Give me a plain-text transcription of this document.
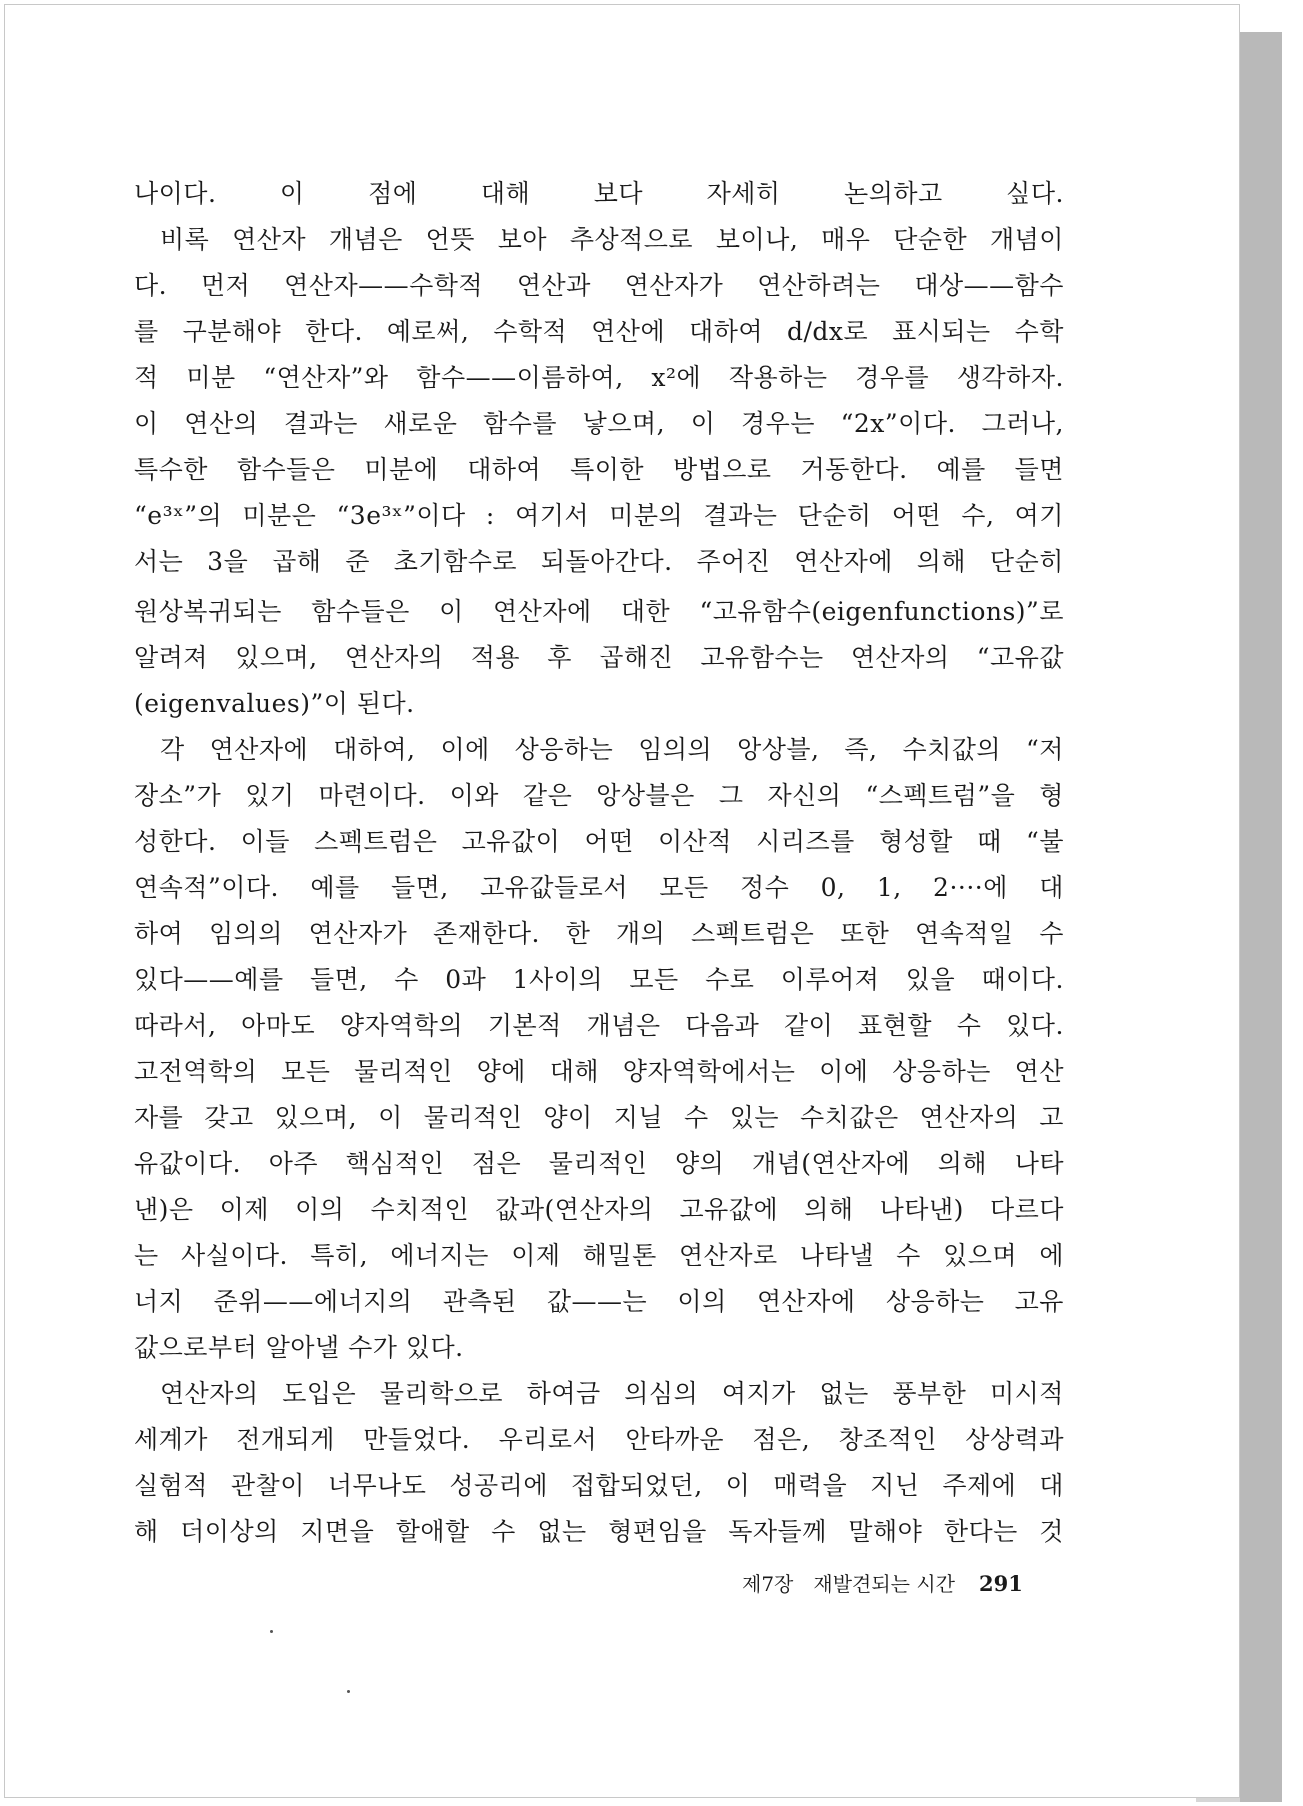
나이다.	이	점에	대해	보다	자세히	논의하고	싶다.
비록 연산자 개념은 언뜻 보아 추상적으로 보이나, 매우 단순한 개념이
다. 먼저 연산자——수학적 연산과 연산자가 연산하려는 대상——함수
를 구분해야 한다. 예로써, 수학적 연산에 대하여 d/dx로 표시되는 수학
적 미분 “연산자”와 함수——이름하여, x²에 작용하는 경우를 생각하자.
이 연산의 결과는 새로운 함수를 낳으며, 이 경우는 “2x”이다. 그러나,
특수한 함수들은 미분에 대하여 특이한 방법으로 거동한다. 예를 들면
“e³ˣ”의 미분은 “3e³ˣ”이다 : 여기서 미분의 결과는 단순히 어떤 수, 여기
서는 3을 곱해 준 초기함수로 되돌아간다. 주어진 연산자에 의해 단순히
원상복귀되는 함수들은 이 연산자에 대한 “고유함수(eigenfunctions)”로
알려져 있으며, 연산자의 적용 후 곱해진 고유함수는 연산자의 “고유값
(eigenvalues)”이 된다.
각 연산자에 대하여, 이에 상응하는 임의의 앙상블, 즉, 수치값의 “저
장소”가 있기 마련이다. 이와 같은 앙상블은 그 자신의 “스펙트럼”을 형
성한다. 이들 스펙트럼은 고유값이 어떤 이산적 시리즈를 형성할 때 “불
연속적”이다. 예를 들면, 고유값들로서 모든 정수 0, 1, 2····에 대
하여 임의의 연산자가 존재한다. 한 개의 스펙트럼은 또한 연속적일 수
있다——예를 들면, 수 0과 1사이의 모든 수로 이루어져 있을 때이다.
따라서, 아마도 양자역학의 기본적 개념은 다음과 같이 표현할 수 있다.
고전역학의 모든 물리적인 양에 대해 양자역학에서는 이에 상응하는 연산
자를 갖고 있으며, 이 물리적인 양이 지닐 수 있는 수치값은 연산자의 고
유값이다. 아주 핵심적인 점은 물리적인 양의 개념(연산자에 의해 나타
낸)은 이제 이의 수치적인 값과(연산자의 고유값에 의해 나타낸) 다르다
는 사실이다. 특히, 에너지는 이제 해밀톤 연산자로 나타낼 수 있으며 에
너지 준위——에너지의 관측된 값——는 이의 연산자에 상응하는 고유
값으로부터 알아낼 수가 있다.
연산자의 도입은 물리학으로 하여금 의심의 여지가 없는 풍부한 미시적
세계가 전개되게 만들었다. 우리로서 안타까운 점은, 창조적인 상상력과
실험적 관찰이 너무나도 성공리에 접합되었던, 이 매력을 지닌 주제에 대
해 더이상의 지면을 할애할 수 없는 형편임을 독자들께 말해야 한다는 것
제7장 재발견되는 시간 291
